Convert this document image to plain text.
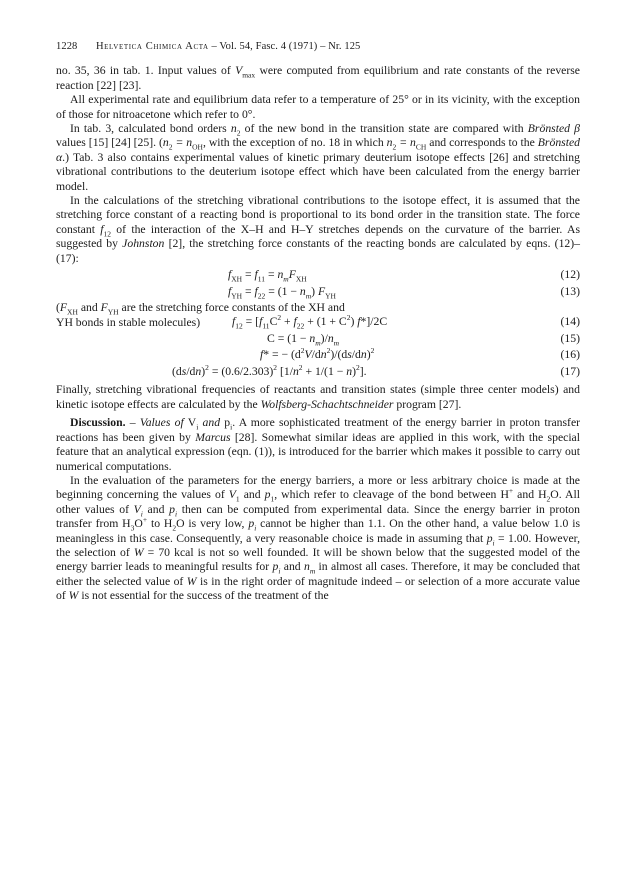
1228	Helvetica Chimica Acta – Vol. 54, Fasc. 4 (1971) – Nr. 125

no. 35, 36 in tab. 1. Input values of $V_{max}$ were computed from equilibrium and rate constants of the reverse reaction [22] [23].

All experimental rate and equilibrium data refer to a temperature of 25° or in its vicinity, with the exception of those for nitroacetone which refer to 0°.

In tab. 3, calculated bond orders $n_2$ of the new bond in the transition state are compared with Brönsted β values [15] [24] [25]. ($n_2 = n_{OH}$, with the exception of no. 18 in which $n_2 = n_{CH}$ and corresponds to the Brönsted α.) Tab. 3 also contains experimental values of kinetic primary deuterium isotope effects [26] and stretching vibrational contributions to the deuterium isotope effect which have been calculated from the energy barrier model.

In the calculations of the stretching vibrational contributions to the isotope effect, it is assumed that the stretching force constant of a reacting bond is proportional to its bond order in the transition state. The force constant $f_{12}$ of the interaction of the X–H and H–Y stretches depends on the curvature of the barrier. As suggested by Johnston [2], the stretching force constants of the reacting bonds are calculated by eqns. (12)–(17):

$f_{XH} = f_{11} = n_mF_{XH}$	(12)
$f_{YH} = f_{22} = (1 - n_m)$ $F_{YH}$	(13)

($F_{XH}$ and $F_{YH}$ are the stretching force constants of the XH and YH bonds in stable molecules)	$f_{12} = [f_{11}C^2 + f_{22} + (1 + C^2)$ f*]/2C	(14)
$C = (1 - n_m)/n_m$	(15)
f* = − $(d^2V/dn^2)/(ds/dn)^2$	(16)
$(ds/dn)^2 = (0.6/2.303)^2$ $[1/n^2 + 1/(1 - n)^2]$.	(17)

Finally, stretching vibrational frequencies of reactants and transition states (simple three center models) and kinetic isotope effects are calculated by the Wolfsberg-Schachtschneider program [27].

Discussion. – Values of $V_i$ and $p_i$. A more sophisticated treatment of the energy barrier in proton transfer reactions has been given by Marcus [28]. Somewhat similar ideas are applied in this work, with the special feature that an analytical expression (eqn. (1)), is introduced for the barrier which makes it possible to carry out numerical computations.

In the evaluation of the parameters for the energy barriers, a more or less arbitrary choice is made at the beginning concerning the values of $V_1$ and $p_1$, which refer to cleavage of the bond between H+ and $H_2O$. All other values of $V_i$ and $p_i$ then can be computed from experimental data. Since the energy barrier in proton transfer from $H_3O^+$ to $H_2O$ is very low, $p_i$ cannot be higher than 1.1. On the other hand, a value below 1.0 is meaningless in this case. Consequently, a very reasonable choice is made in assuming that $p_i = 1.00$. However, the selection of W = 70 kcal is not so well founded. It will be shown below that the suggested model of the energy barrier leads to meaningful results for $p_i$ and $n_m$ in almost all cases. Therefore, it may be concluded that either the selected value of W is in the right order of magnitude indeed – or selection of a more accurate value of W is not essential for the success of the treatment of the
